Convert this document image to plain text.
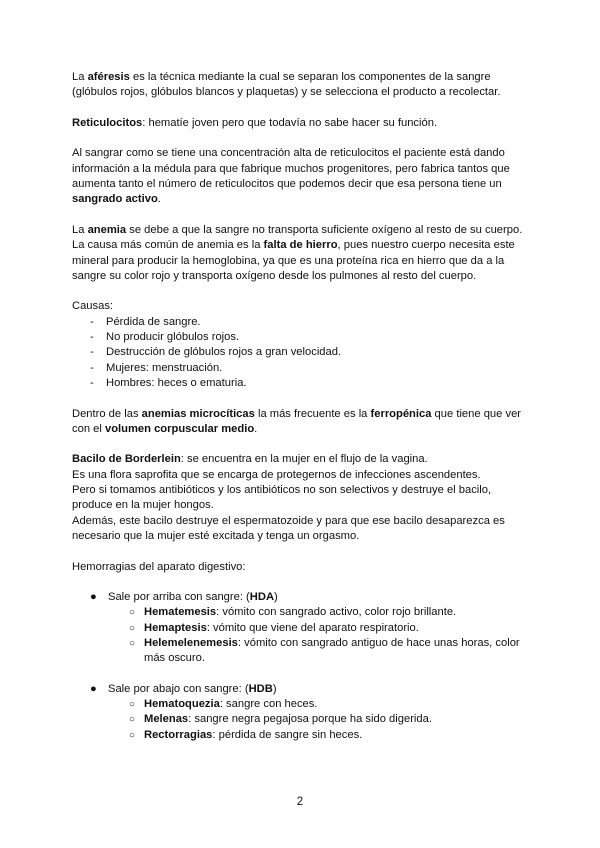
La aféresis es la técnica mediante la cual se separan los componentes de la sangre (glóbulos rojos, glóbulos blancos y plaquetas) y se selecciona el producto a recolectar.

Reticulocitos: hematíe joven pero que todavía no sabe hacer su función.

Al sangrar como se tiene una concentración alta de reticulocitos el paciente está dando información a la médula para que fabrique muchos progenitores, pero fabrica tantos que aumenta tanto el número de reticulocitos que podemos decir que esa persona tiene un sangrado activo.

La anemia se debe a que la sangre no transporta suficiente oxígeno al resto de su cuerpo. La causa más común de anemia es la falta de hierro, pues nuestro cuerpo necesita este mineral para producir la hemoglobina, ya que es una proteína rica en hierro que da a la sangre su color rojo y transporta oxígeno desde los pulmones al resto del cuerpo.

Causas:
- Pérdida de sangre.
- No producir glóbulos rojos.
- Destrucción de glóbulos rojos a gran velocidad.
- Mujeres: menstruación.
- Hombres: heces o ematuria.

Dentro de las anemias microcíticas la más frecuente es la ferropénica que tiene que ver con el volumen corpuscular medio.

Bacilo de Borderlein: se encuentra en la mujer en el flujo de la vagina.
Es una flora saprofita que se encarga de protegernos de infecciones ascendentes.
Pero si tomamos antibióticos y los antibióticos no son selectivos y destruye el bacilo, produce en la mujer hongos.
Además, este bacilo destruye el espermatozoide y para que ese bacilo desaparezca es necesario que la mujer esté excitada y tenga un orgasmo.

Hemorragias del aparato digestivo:

● Sale por arriba con sangre: (HDA)
○ Hematemesis: vómito con sangrado activo, color rojo brillante.
○ Hemaptesis: vómito que viene del aparato respiratorio.
○ Helemelenemesis: vómito con sangrado antiguo de hace unas horas, color más oscuro.
● Sale por abajo con sangre: (HDB)
○ Hematoquezia: sangre con heces.
○ Melenas: sangre negra pegajosa porque ha sido digerida.
○ Rectorragias: pérdida de sangre sin heces.
2
